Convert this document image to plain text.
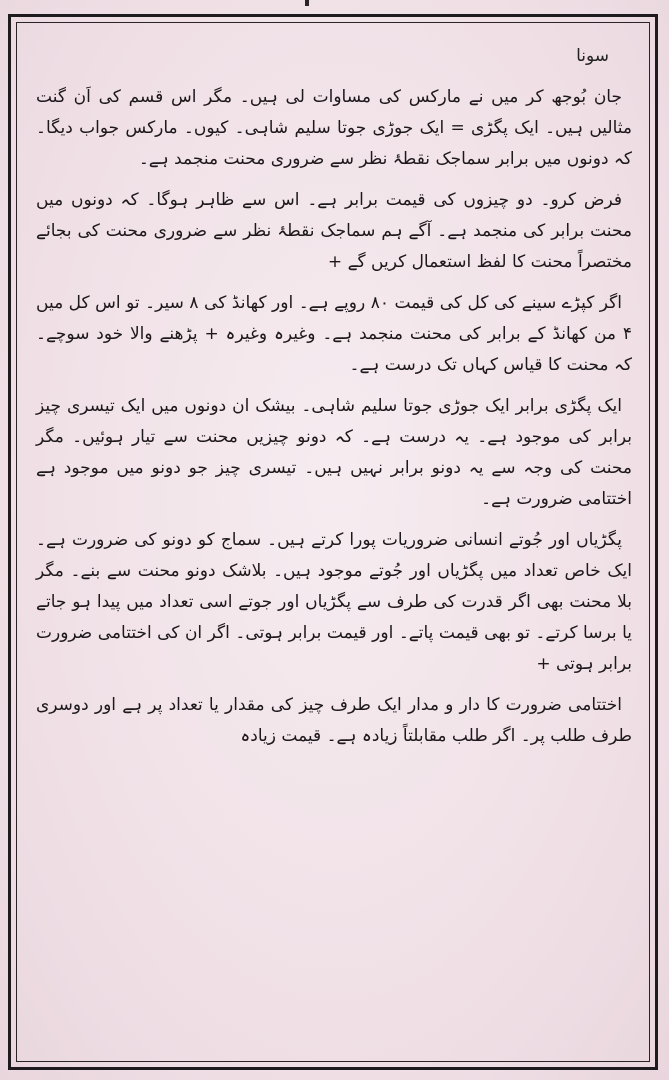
سونا

جان بُوجھ کر میں نے مارکس کی مساوات لی ہیں۔ مگر اس قسم کی اَن گنت مثالیں ہیں۔ ایک پگڑی = ایک جوڑی جوتا سلیم شاہی۔ کیوں۔ مارکس جواب دیگا۔ کہ دونوں میں برابر سماجک نقطۂ نظر سے ضروری محنت منجمد ہے۔

فرض کرو۔ دو چیزوں کی قیمت برابر ہے۔ اس سے ظاہر ہوگا۔ کہ دونوں میں محنت برابر کی منجمد ہے۔ آگے ہم سماجک نقطۂ نظر سے ضروری محنت کی بجائے مختصراً محنت کا لفظ استعمال کریں گے +

اگر کپڑے سینے کی کل کی قیمت ۸۰ روپے ہے۔ اور کھانڈ کی ۸ سیر۔ تو اس کل میں ۴ من کھانڈ کے برابر کی محنت منجمد ہے۔ وغیرہ وغیرہ + پڑھنے والا خود سوچے۔ کہ محنت کا قیاس کہاں تک درست ہے۔

ایک پگڑی برابر ایک جوڑی جوتا سلیم شاہی۔ بیشک ان دونوں میں ایک تیسری چیز برابر کی موجود ہے۔ یہ درست ہے۔ کہ دونو چیزیں محنت سے تیار ہوئیں۔ مگر محنت کی وجہ سے یہ دونو برابر نہیں ہیں۔ تیسری چیز جو دونو میں موجود ہے اختتامی ضرورت ہے۔

پگڑیاں اور جُوتے انسانی ضروریات پورا کرتے ہیں۔ سماج کو دونو کی ضرورت ہے۔ ایک خاص تعداد میں پگڑیاں اور جُوتے موجود ہیں۔ بلاشک دونو محنت سے بنے۔ مگر بلا محنت بھی اگر قدرت کی طرف سے پگڑیاں اور جوتے اسی تعداد میں پیدا ہو جاتے یا برسا کرتے۔ تو بھی قیمت پاتے۔ اور قیمت برابر ہوتی۔ اگر ان کی اختتامی ضرورت برابر ہوتی +

اختتامی ضرورت کا دار و مدار ایک طرف چیز کی مقدار یا تعداد پر ہے اور دوسری طرف طلب پر۔ اگر طلب مقابلتاً زیادہ ہے۔ قیمت زیادہ
